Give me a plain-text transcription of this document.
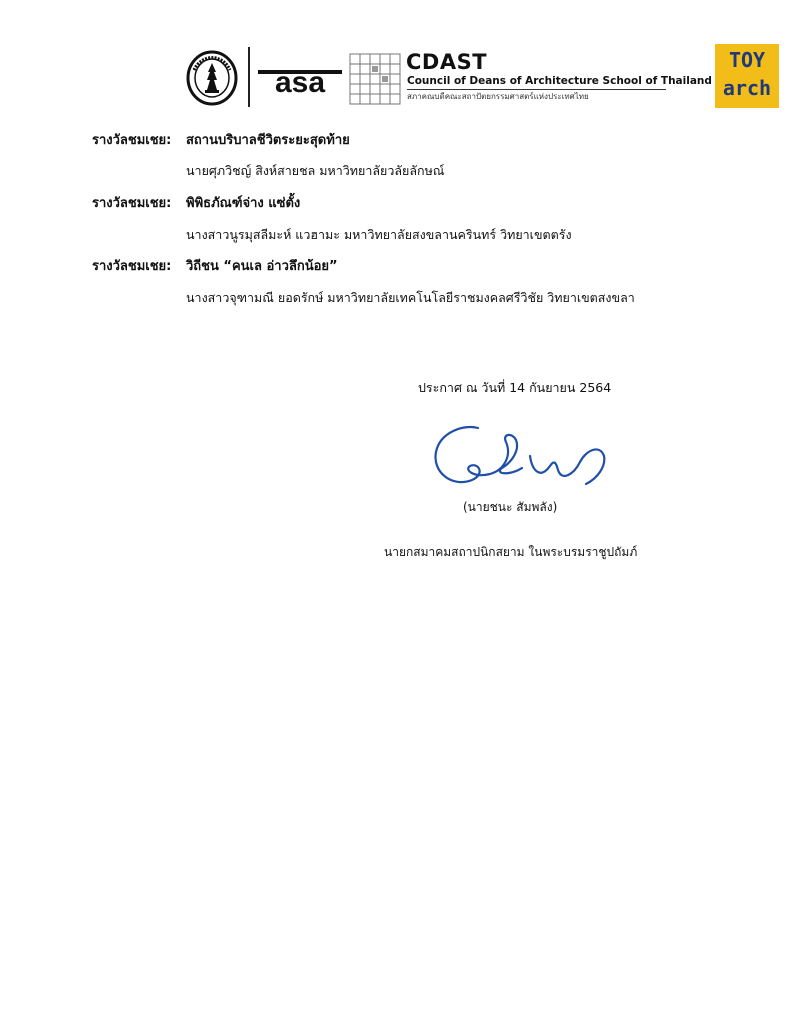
asa
CDAST
Council of Deans of Architecture School of Thailand
สภาคณบดีคณะสถาปัตยกรรมศาสตร์แห่งประเทศไทย
TOY
arch
รางวัลชมเชย: สถานบริบาลชีวิตระยะสุดท้าย
นายศุภวิชญ์ สิงห์สายชล มหาวิทยาลัยวลัยลักษณ์
รางวัลชมเชย: พิพิธภัณฑ์จ่าง แซ่ตั้ง
นางสาวนูรมุสลีมะห์ แวฮามะ มหาวิทยาลัยสงขลานครินทร์ วิทยาเขตตรัง
รางวัลชมเชย: วิถีชน “คนเล อ่าวลึกน้อย”
นางสาวจุฑามณี ยอดรักษ์ มหาวิทยาลัยเทคโนโลยีราชมงคลศรีวิชัย วิทยาเขตสงขลา
ประกาศ ณ วันที่ 14 กันยายน 2564
(นายชนะ สัมพลัง)
นายกสมาคมสถาปนิกสยาม ในพระบรมราชูปถัมภ์
